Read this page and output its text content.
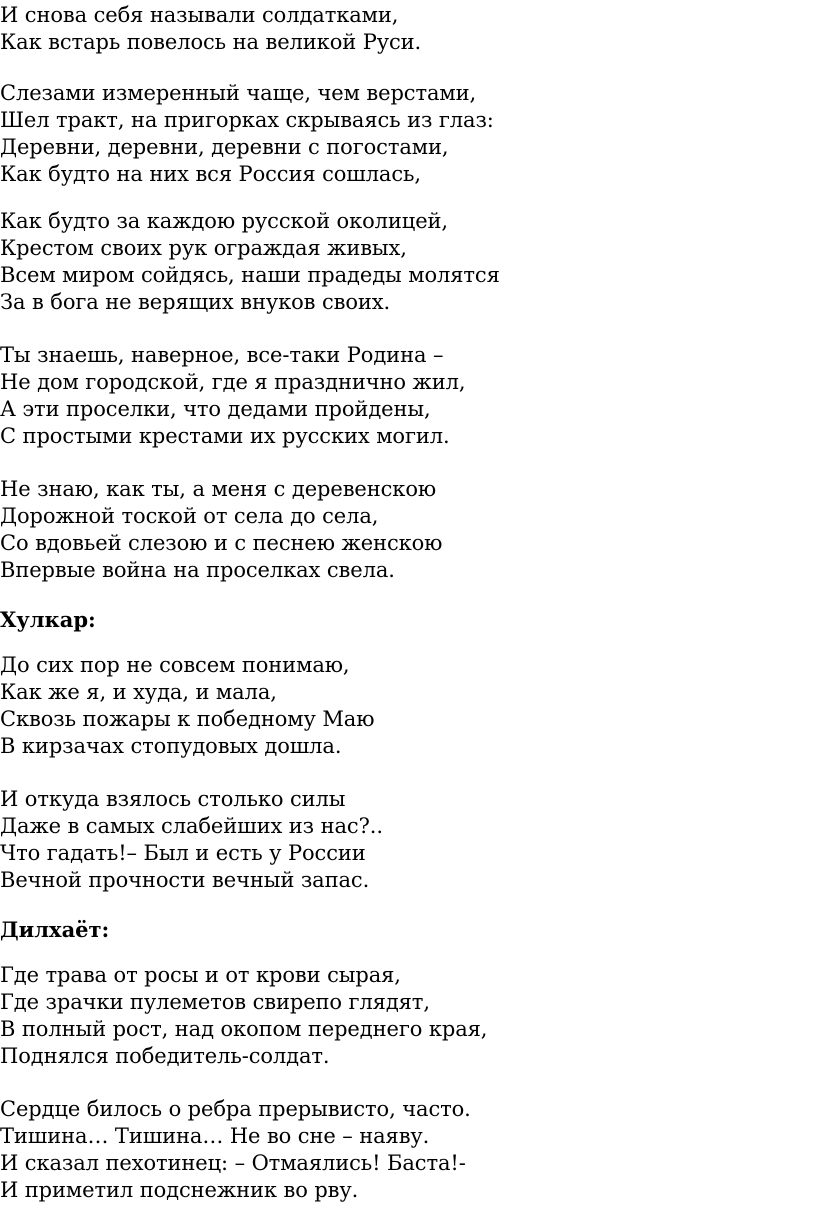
И снова себя называли солдатками,
Как встарь повелось на великой Руси.
Слезами измеренный чаще, чем верстами,
Шел тракт, на пригорках скрываясь из глаз:
Деревни, деревни, деревни с погостами,
Как будто на них вся Россия сошлась,
Как будто за каждою русской околицей,
Крестом своих рук ограждая живых,
Всем миром сойдясь, наши прадеды молятся
За в бога не верящих внуков своих.
Ты знаешь, наверное, все-таки Родина –
Не дом городской, где я празднично жил,
А эти проселки, что дедами пройдены,
С простыми крестами их русских могил.
Не знаю, как ты, а меня с деревенскою
Дорожной тоской от села до села,
Со вдовьей слезою и с песнею женскою
Впервые война на проселках свела.
Хулкар:
До сих пор не совсем понимаю,
Как же я, и худа, и мала,
Сквозь пожары к победному Маю
В кирзачах стопудовых дошла.
И откуда взялось столько силы
Даже в самых слабейших из нас?..
Что гадать!– Был и есть у России
Вечной прочности вечный запас.
Дилхаёт:
Где трава от росы и от крови сырая,
Где зрачки пулеметов свирепо глядят,
В полный рост, над окопом переднего края,
Поднялся победитель-солдат.
Сердце билось о ребра прерывисто, часто.
Тишина… Тишина… Не во сне – наяву.
И сказал пехотинец: – Отмаялись! Баста!-
И приметил подснежник во рву.
